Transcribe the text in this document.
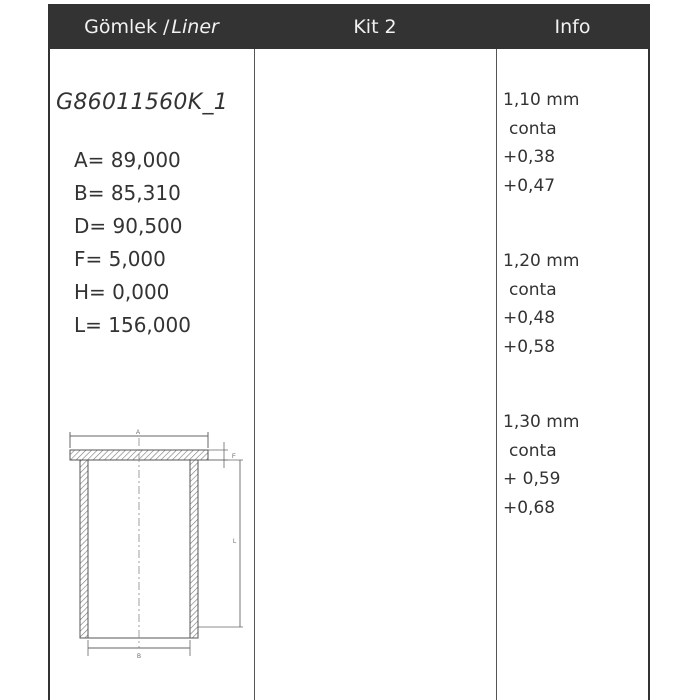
Gömlek / Liner	Kit 2	Info
G86011560K_1
A= 89,000
B= 85,310
D= 90,500
F= 5,000
H= 0,000
L= 156,000
1,10 mm
conta
+0,38
+0,47
1,20 mm
conta
+0,48
+0,58
1,30 mm
conta
+ 0,59
+0,68
A
F
L
B
